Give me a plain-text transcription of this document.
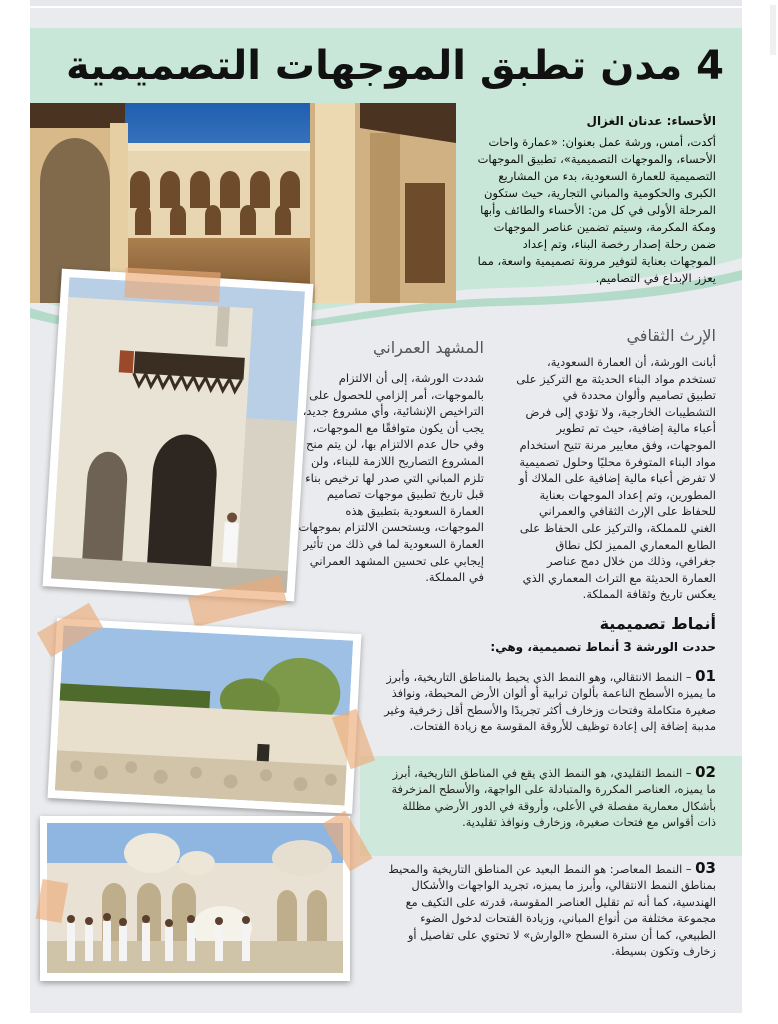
4 مدن تطبق الموجهات التصميمية
الأحساء: عدنان الغزال
أكدت، أمس، ورشة عمل بعنوان: «عمارة واحات الأحساء، والموجهات التصميمية»، تطبيق الموجهات التصميمية للعمارة السعودية، بدء من المشاريع الكبرى والحكومية والمباني التجارية، حيث ستكون المرحلة الأولى في كل من: الأحساء والطائف وأبها ومكة المكرمة، وسيتم تضمين عناصر الموجهات ضمن رحلة إصدار رخصة البناء، وتم إعداد الموجهات بعناية لتوفير مرونة تصميمية واسعة، مما يعزز الإبداع في التصاميم.
الإرث الثقافي
المشهد العمراني
أبانت الورشة، أن العمارة السعودية، تستخدم مواد البناء الحديثة مع التركيز على تطبيق تصاميم وألوان محددة في التشطيبات الخارجية، ولا تؤدي إلى فرض أعباء مالية إضافية، حيث تم تطوير الموجهات، وفق معايير مرنة تتيح استخدام مواد البناء المتوفرة محليًا وحلول تصميمية لا تفرض أعباء مالية إضافية على الملاك أو المطورين، وتم إعداد الموجهات بعناية للحفاظ على الإرث الثقافي والعمراني الغني للمملكة، والتركيز على الحفاظ على الطابع المعماري المميز لكل نطاق جغرافي، وذلك من خلال دمج عناصر العمارة الحديثة مع التراث المعماري الذي يعكس تاريخ وثقافة المملكة.
شددت الورشة، إلى أن الالتزام بالموجهات، أمر إلزامي للحصول على التراخيص الإنشائية، وأي مشروع جديد، يجب أن يكون متوافقًا مع الموجهات، وفي حال عدم الالتزام بها، لن يتم منح المشروع التصاريح اللازمة للبناء، ولن تلزم المباني التي صدر لها ترخيص بناء قبل تاريخ تطبيق موجهات تصاميم العمارة السعودية بتطبيق هذه الموجهات، ويستحسن الالتزام بموجهات العمارة السعودية لما في ذلك من تأثير إيجابي على تحسين المشهد العمراني في المملكة.
أنماط تصميمية
حددت الورشة 3 أنماط تصميمية، وهي:
01 – النمط الانتقالي، وهو النمط الذي يحيط بالمناطق التاريخية، وأبرز ما يميزه الأسطح الناعمة بألوان ترابية أو ألوان الأرض المحيطة، ونوافذ صغيرة متكاملة وفتحات وزخارف أكثر تجريدًا والأسطح أقل زخرفية وغير مدببة إضافة إلى إعادة توظيف للأروقة المقوسة مع زيادة الفتحات.
02 – النمط التقليدي، هو النمط الذي يقع في المناطق التاريخية، أبرز ما يميزه، العناصر المكررة والمتبادلة على الواجهة، والأسطح المزخرفة بأشكال معمارية مفصلة في الأعلى، وأروقة في الدور الأرضي مظللة ذات أقواس مع فتحات صغيرة، وزخارف ونوافذ تقليدية.
03 – النمط المعاصر: هو النمط البعيد عن المناطق التاريخية والمحيط بمناطق النمط الانتقالي، وأبرز ما يميزه، تجريد الواجهات والأشكال الهندسية، كما أنه تم تقليل العناصر المقوسة، قدرته على التكيف مع مجموعة مختلفة من أنواع المباني، وزيادة الفتحات لدخول الضوء الطبيعي، كما أن سترة السطح «الوارش» لا تحتوي على تفاصيل أو زخارف وتكون بسيطة.
